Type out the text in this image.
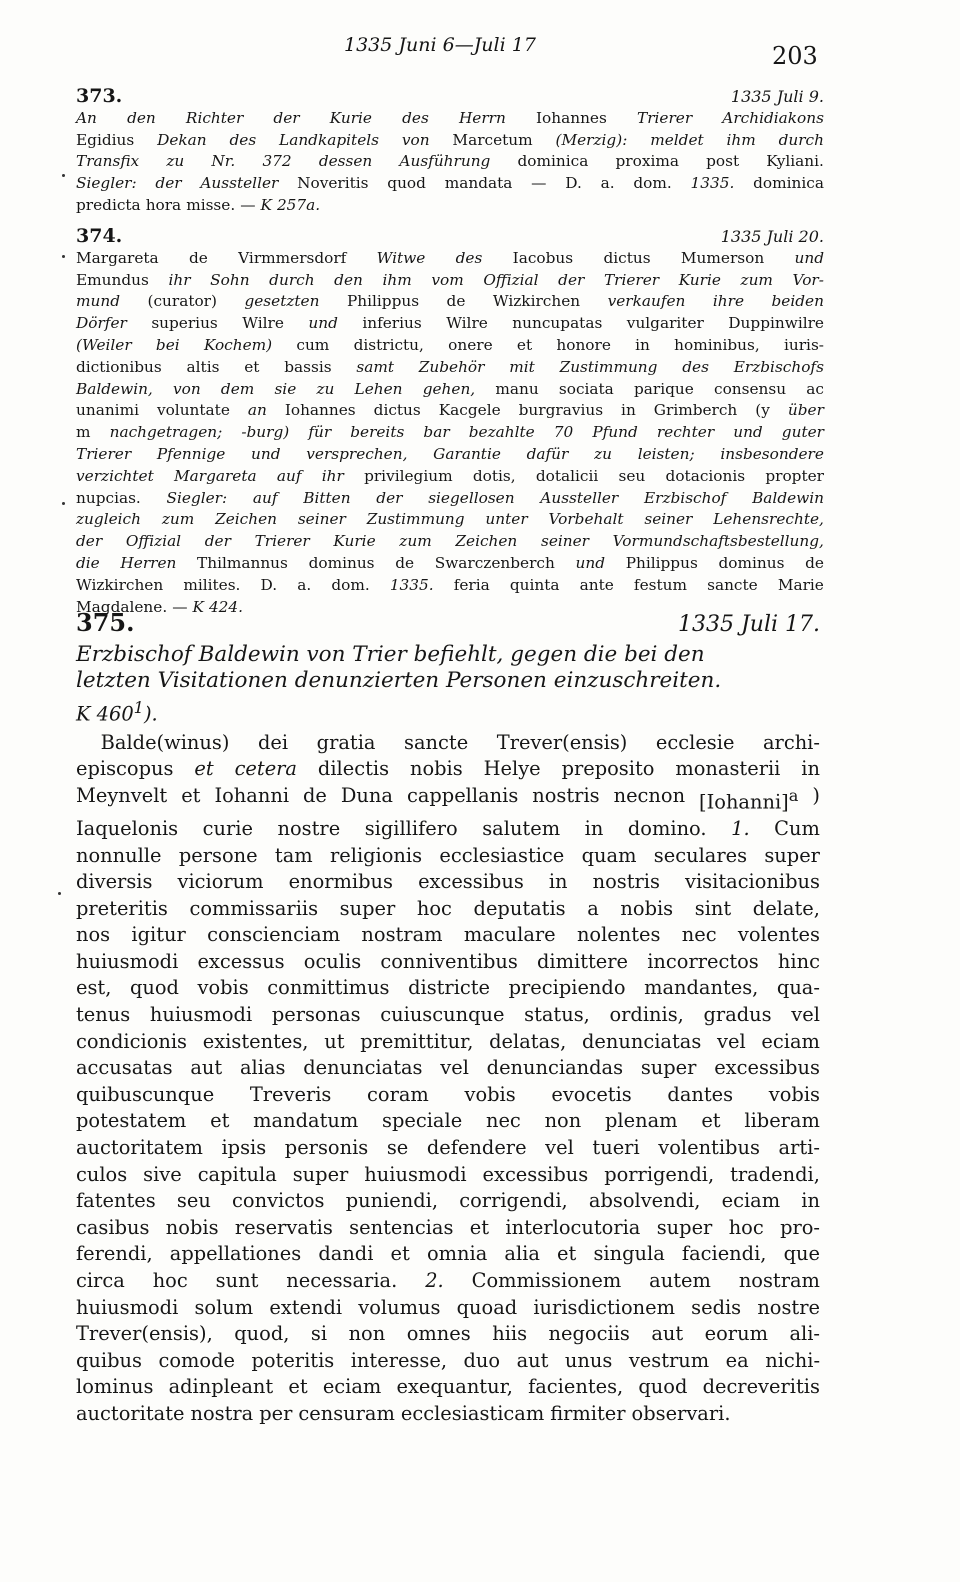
1335 Juni 6—Juli 17	203
373.	1335 Juli 9.
An den Richter der Kurie des Herrn Iohannes Trierer Archidiakons
Egidius Dekan des Landkapitels von Marcetum (Merzig): meldet ihm durch
Transfix zu Nr. 372 dessen Ausführung dominica proxima post Kyliani.
Siegler: der Aussteller Noveritis quod mandata — D. a. dom. 1335. dominica
predicta hora misse. — K 257a.
374.	1335 Juli 20.
Margareta de Virmmersdorf Witwe des Iacobus dictus Mumerson und
Emundus ihr Sohn durch den ihm vom Offizial der Trierer Kurie zum Vor-
mund (curator) gesetzten Philippus de Wizkirchen verkaufen ihre beiden
Dörfer superius Wilre und inferius Wilre nuncupatas vulgariter Duppinwilre
(Weiler bei Kochem) cum districtu, onere et honore in hominibus, iuris-
dictionibus altis et bassis samt Zubehör mit Zustimmung des Erzbischofs
Baldewin, von dem sie zu Lehen gehen, manu sociata parique consensu ac
unanimi voluntate an Iohannes dictus Kacgele burgravius in Grimberch (y über
m nachgetragen; -burg) für bereits bar bezahlte 70 Pfund rechter und guter
Trierer Pfennige und versprechen, Garantie dafür zu leisten; insbesondere
verzichtet Margareta auf ihr privilegium dotis, dotalicii seu dotacionis propter
nupcias. Siegler: auf Bitten der siegellosen Aussteller Erzbischof Baldewin
zugleich zum Zeichen seiner Zustimmung unter Vorbehalt seiner Lehensrechte,
der Offizial der Trierer Kurie zum Zeichen seiner Vormundschaftsbestellung,
die Herren Thilmannus dominus de Swarczenberch und Philippus dominus de
Wizkirchen milites. D. a. dom. 1335. feria quinta ante festum sancte Marie
Magdalene. — K 424.
375.	1335 Juli 17.
Erzbischof Baldewin von Trier befiehlt, gegen die bei den
letzten Visitationen denunzierten Personen einzuschreiten.
K $460^1$).
Balde(winus) dei gratia sancte Trever(ensis) ecclesie archi-
episcopus et cetera dilectis nobis Helye preposito monasterii in
Meynvelt et Iohanni de Duna cappellanis nostris necnon [Iohanni]$^a$ )
Iaquelonis curie nostre sigillifero salutem in domino. 1. Cum
nonnulle persone tam religionis ecclesiastice quam seculares super
diversis viciorum enormibus excessibus in nostris visitacionibus
preteritis commissariis super hoc deputatis a nobis sint delate,
nos igitur conscienciam nostram maculare nolentes nec volentes
huiusmodi excessus oculis conniventibus dimittere incorrectos hinc
est, quod vobis conmittimus districte precipiendo mandantes, qua-
tenus huiusmodi personas cuiuscunque status, ordinis, gradus vel
condicionis existentes, ut premittitur, delatas, denunciatas vel eciam
accusatas aut alias denunciatas vel denunciandas super excessibus
quibuscunque Treveris coram vobis evocetis dantes vobis
potestatem et mandatum speciale nec non plenam et liberam
auctoritatem ipsis personis se defendere vel tueri volentibus arti-
culos sive capitula super huiusmodi excessibus porrigendi, tradendi,
fatentes seu convictos puniendi, corrigendi, absolvendi, eciam in
casibus nobis reservatis sentencias et interlocutoria super hoc pro-
ferendi, appellationes dandi et omnia alia et singula faciendi, que
circa hoc sunt necessaria. 2. Commissionem autem nostram
huiusmodi solum extendi volumus quoad iurisdictionem sedis nostre
Trever(ensis), quod, si non omnes hiis negociis aut eorum ali-
quibus comode poteritis interesse, duo aut unus vestrum ea nichi-
lominus adinpleant et eciam exequantur, facientes, quod decreveritis
auctoritate nostra per censuram ecclesiasticam firmiter observari.
